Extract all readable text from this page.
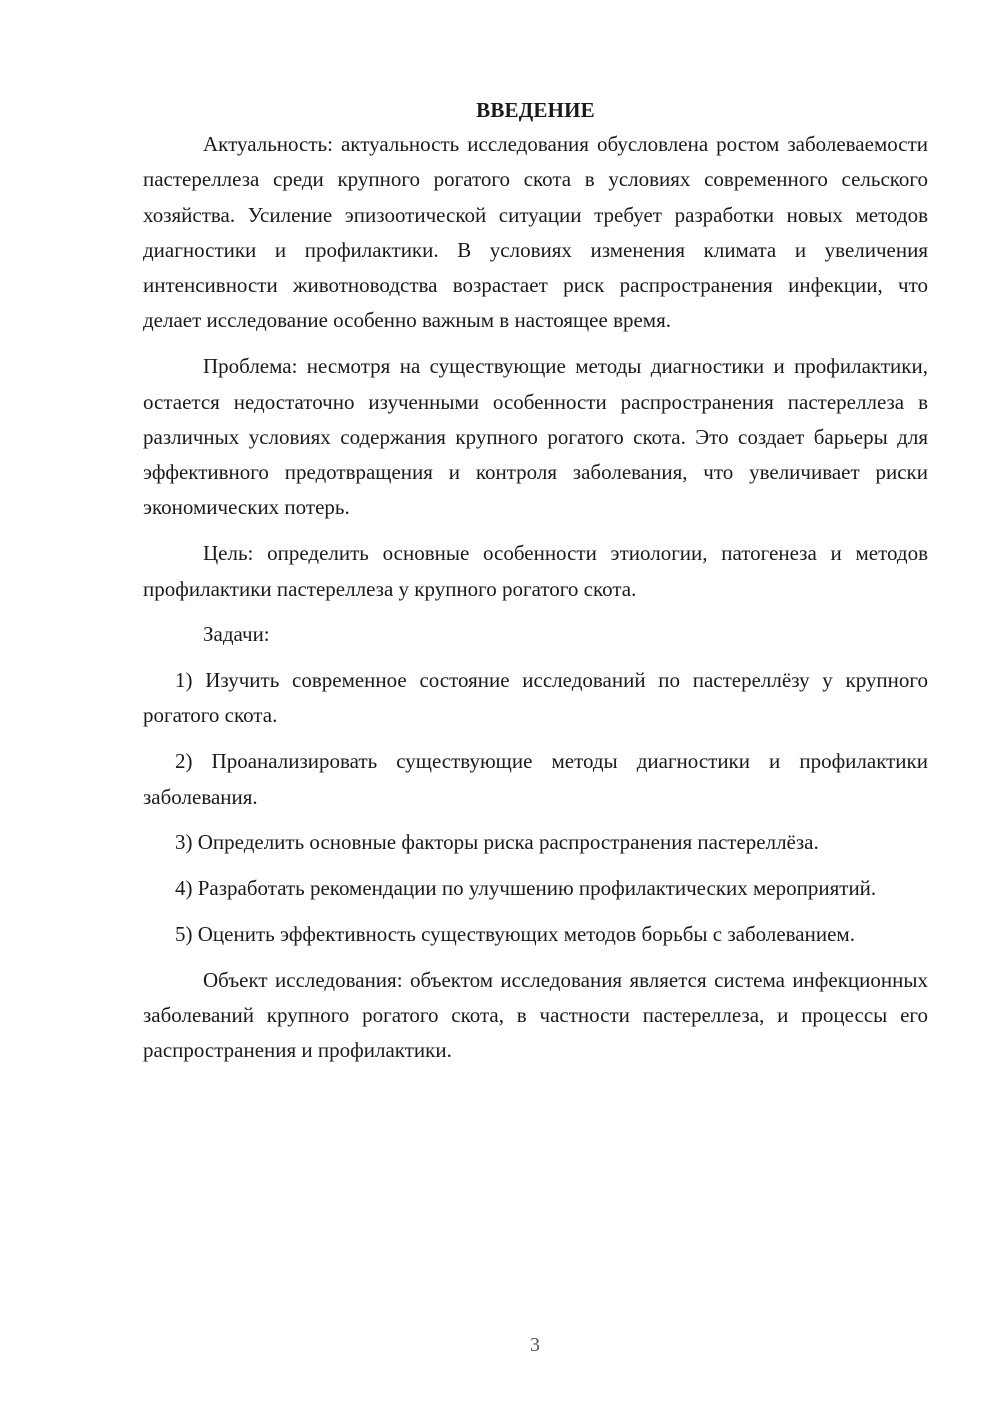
ВВЕДЕНИЕ

Актуальность: актуальность исследования обусловлена ростом заболеваемости пастереллеза среди крупного рогатого скота в условиях современного сельского хозяйства. Усиление эпизоотической ситуации требует разработки новых методов диагностики и профилактики. В условиях изменения климата и увеличения интенсивности животноводства возрастает риск распространения инфекции, что делает исследование особенно важным в настоящее время.

Проблема: несмотря на существующие методы диагностики и профилактики, остается недостаточно изученными особенности распространения пастереллеза в различных условиях содержания крупного рогатого скота. Это создает барьеры для эффективного предотвращения и контроля заболевания, что увеличивает риски экономических потерь.

Цель: определить основные особенности этиологии, патогенеза и методов профилактики пастереллеза у крупного рогатого скота.

Задачи:

1) Изучить современное состояние исследований по пастереллёзу у крупного рогатого скота.

2) Проанализировать существующие методы диагностики и профилактики заболевания.

3) Определить основные факторы риска распространения пастереллёза.

4) Разработать рекомендации по улучшению профилактических мероприятий.

5) Оценить эффективность существующих методов борьбы с заболеванием.

Объект исследования: объектом исследования является система инфекционных заболеваний крупного рогатого скота, в частности пастереллеза, и процессы его распространения и профилактики.

3
